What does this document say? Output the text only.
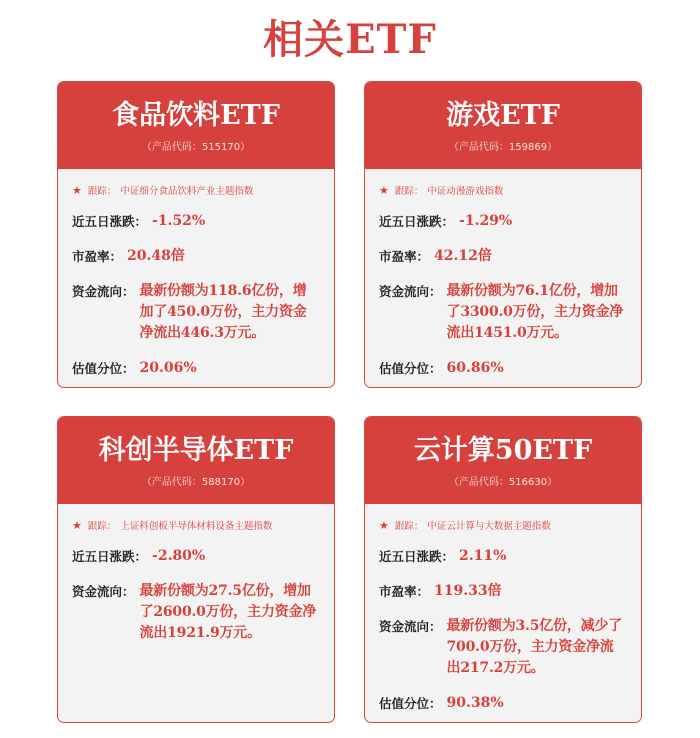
相关ETF
食品饮料ETF
（产品代码：515170）
★ 跟踪： 中证细分食品饮料产业主题指数
近五日涨跌： -1.52%
市盈率： 20.48倍
资金流向： 最新份额为118.6亿份，增加了450.0万份，主力资金净流出446.3万元。
估值分位： 20.06%
游戏ETF
（产品代码：159869）
★ 跟踪： 中证动漫游戏指数
近五日涨跌： -1.29%
市盈率： 42.12倍
资金流向： 最新份额为76.1亿份，增加了3300.0万份，主力资金净流出1451.0万元。
估值分位： 60.86%
科创半导体ETF
（产品代码：588170）
★ 跟踪： 上证科创板半导体材料设备主题指数
近五日涨跌： -2.80%
资金流向： 最新份额为27.5亿份，增加了2600.0万份，主力资金净流出1921.9万元。
云计算50ETF
（产品代码：516630）
★ 跟踪： 中证云计算与大数据主题指数
近五日涨跌： 2.11%
市盈率： 119.33倍
资金流向： 最新份额为3.5亿份，减少了700.0万份，主力资金净流出217.2万元。
估值分位： 90.38%
